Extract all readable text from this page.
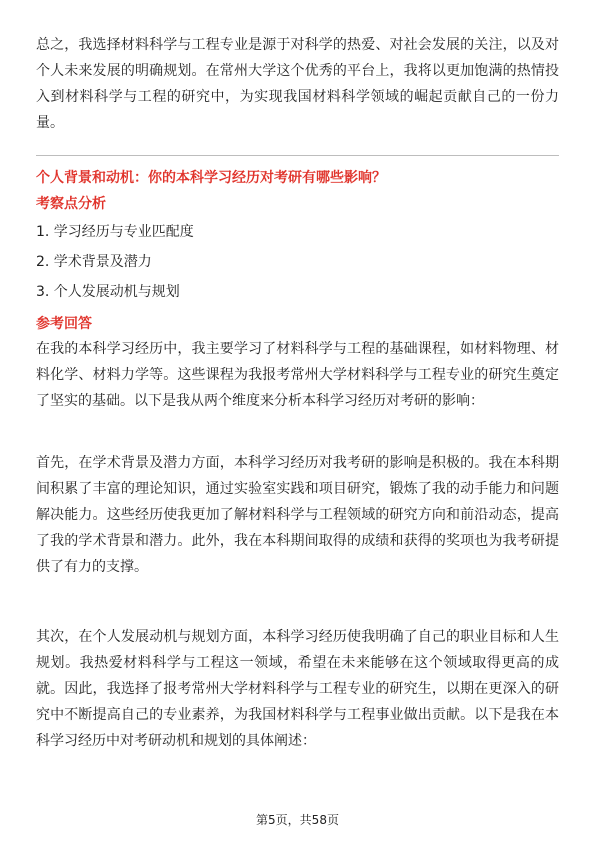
总之，我选择材料科学与工程专业是源于对科学的热爱、对社会发展的关注，以及对个人未来发展的明确规划。在常州大学这个优秀的平台上，我将以更加饱满的热情投入到材料科学与工程的研究中，为实现我国材料科学领域的崛起贡献自己的一份力量。

个人背景和动机：你的本科学习经历对考研有哪些影响？

考察点分析

1. 学习经历与专业匹配度

2. 学术背景及潜力

3. 个人发展动机与规划

参考回答

在我的本科学习经历中，我主要学习了材料科学与工程的基础课程，如材料物理、材料化学、材料力学等。这些课程为我报考常州大学材料科学与工程专业的研究生奠定了坚实的基础。以下是我从两个维度来分析本科学习经历对考研的影响：

首先，在学术背景及潜力方面，本科学习经历对我考研的影响是积极的。我在本科期间积累了丰富的理论知识，通过实验室实践和项目研究，锻炼了我的动手能力和问题解决能力。这些经历使我更加了解材料科学与工程领域的研究方向和前沿动态，提高了我的学术背景和潜力。此外，我在本科期间取得的成绩和获得的奖项也为我考研提供了有力的支撑。

其次，在个人发展动机与规划方面，本科学习经历使我明确了自己的职业目标和人生规划。我热爱材料科学与工程这一领域，希望在未来能够在这个领域取得更高的成就。因此，我选择了报考常州大学材料科学与工程专业的研究生，以期在更深入的研究中不断提高自己的专业素养，为我国材料科学与工程事业做出贡献。以下是我在本科学习经历中对考研动机和规划的具体阐述：

第5页，共58页
